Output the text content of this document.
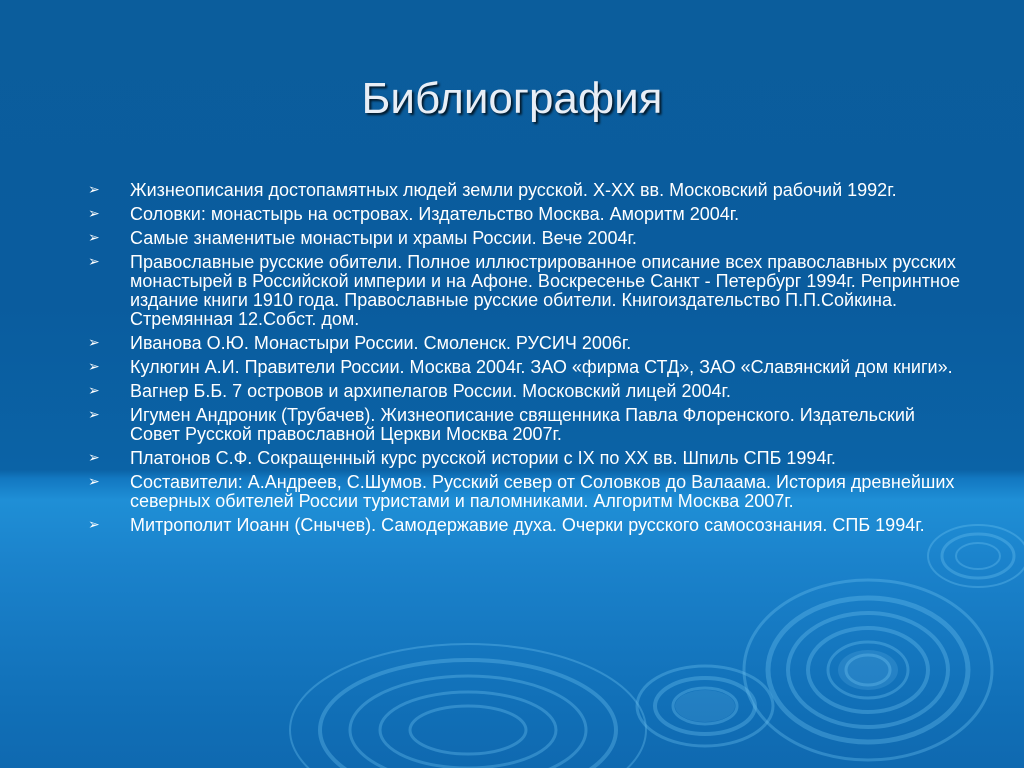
Библиография
➢ Жизнеописания достопамятных людей земли русской. X-XX вв. Московский рабочий 1992г.
➢ Соловки: монастырь на островах. Издательство Москва. Аморитм 2004г.
➢ Самые знаменитые монастыри и храмы России. Вече 2004г.
➢ Православные русские обители. Полное иллюстрированное описание всех православных русских монастырей в Российской империи и на Афоне. Воскресенье Санкт - Петербург 1994г. Репринтное издание книги 1910 года. Православные русские обители. Книгоиздательство П.П.Сойкина. Стремянная 12.Собст. дом.
➢ Иванова О.Ю. Монастыри России. Смоленск. РУСИЧ 2006г.
➢ Кулюгин А.И. Правители России. Москва 2004г. ЗАО «фирма СТД», ЗАО «Славянский дом книги».
➢ Вагнер Б.Б. 7 островов и архипелагов России. Московский лицей 2004г.
➢ Игумен Андроник (Трубачев). Жизнеописание священника Павла Флоренского. Издательский Совет Русской православной Церкви Москва 2007г.
➢ Платонов С.Ф. Сокращенный курс русской истории с IX по XX вв. Шпиль СПБ 1994г.
➢ Составители: А.Андреев, С.Шумов. Русский север от Соловков до Валаама. История древнейших северных обителей России туристами и паломниками. Алгоритм Москва 2007г.
➢ Митрополит Иоанн (Снычев). Самодержавие духа. Очерки русского самосознания. СПБ 1994г.
